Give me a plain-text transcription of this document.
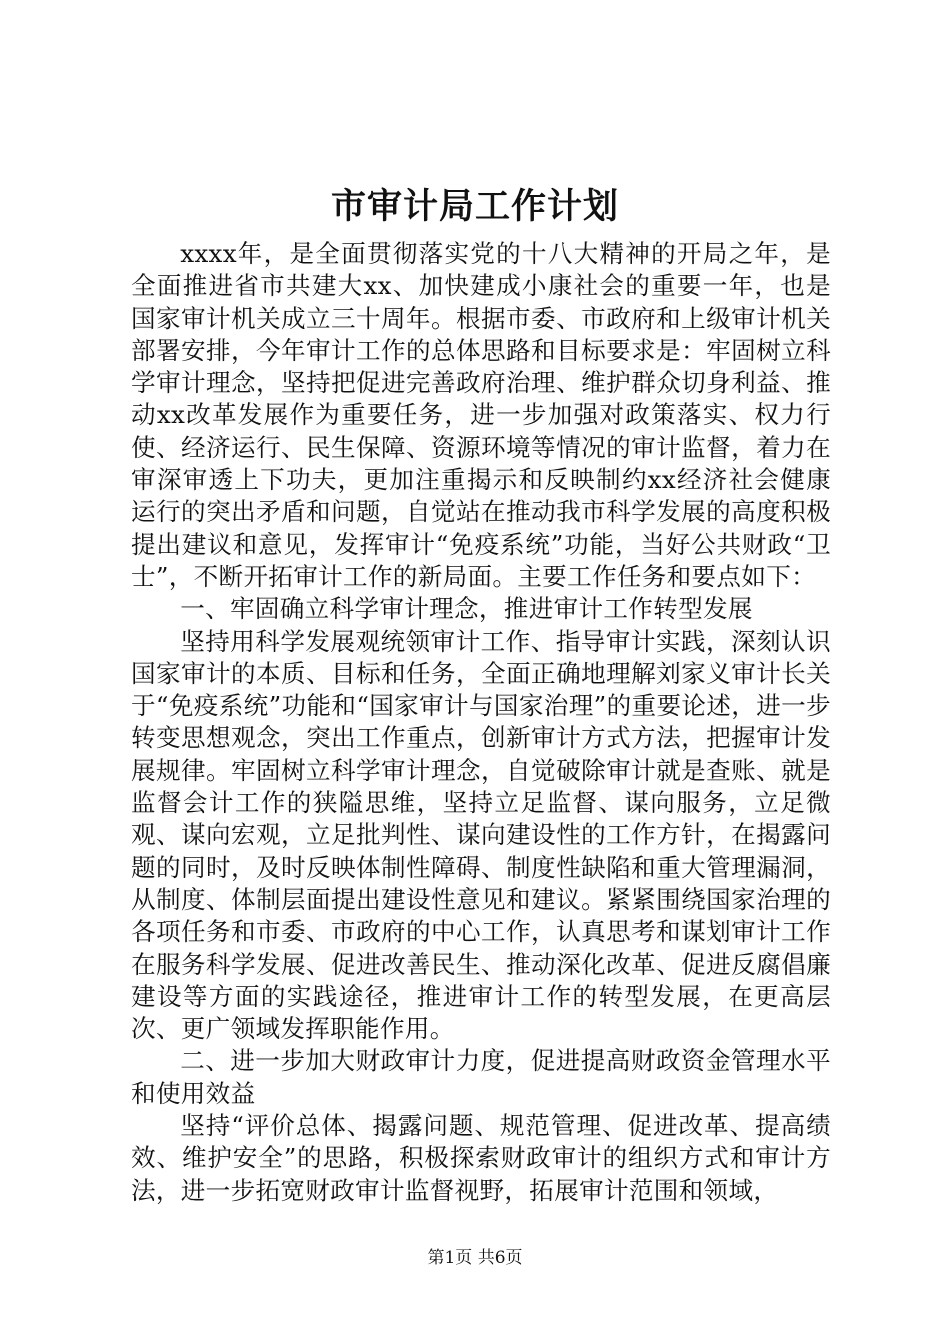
市审计局工作计划

xxxx年，是全面贯彻落实党的十八大精神的开局之年，是全面推进省市共建大xx、加快建成小康社会的重要一年，也是国家审计机关成立三十周年。根据市委、市政府和上级审计机关部署安排，今年审计工作的总体思路和目标要求是：牢固树立科学审计理念，坚持把促进完善政府治理、维护群众切身利益、推动xx改革发展作为重要任务，进一步加强对政策落实、权力行使、经济运行、民生保障、资源环境等情况的审计监督，着力在审深审透上下功夫，更加注重揭示和反映制约xx经济社会健康运行的突出矛盾和问题，自觉站在推动我市科学发展的高度积极提出建议和意见，发挥审计“免疫系统”功能，当好公共财政“卫士”，不断开拓审计工作的新局面。主要工作任务和要点如下：

一、牢固确立科学审计理念，推进审计工作转型发展

坚持用科学发展观统领审计工作、指导审计实践，深刻认识国家审计的本质、目标和任务，全面正确地理解刘家义审计长关于“免疫系统”功能和“国家审计与国家治理”的重要论述，进一步转变思想观念，突出工作重点，创新审计方式方法，把握审计发展规律。牢固树立科学审计理念，自觉破除审计就是查账、就是监督会计工作的狭隘思维，坚持立足监督、谋向服务，立足微观、谋向宏观，立足批判性、谋向建设性的工作方针，在揭露问题的同时，及时反映体制性障碍、制度性缺陷和重大管理漏洞，从制度、体制层面提出建设性意见和建议。紧紧围绕国家治理的各项任务和市委、市政府的中心工作，认真思考和谋划审计工作在服务科学发展、促进改善民生、推动深化改革、促进反腐倡廉建设等方面的实践途径，推进审计工作的转型发展，在更高层次、更广领域发挥职能作用。

二、进一步加大财政审计力度，促进提高财政资金管理水平和使用效益

坚持“评价总体、揭露问题、规范管理、促进改革、提高绩效、维护安全”的思路，积极探索财政审计的组织方式和审计方法，进一步拓宽财政审计监督视野，拓展审计范围和领域，

第1页 共6页
